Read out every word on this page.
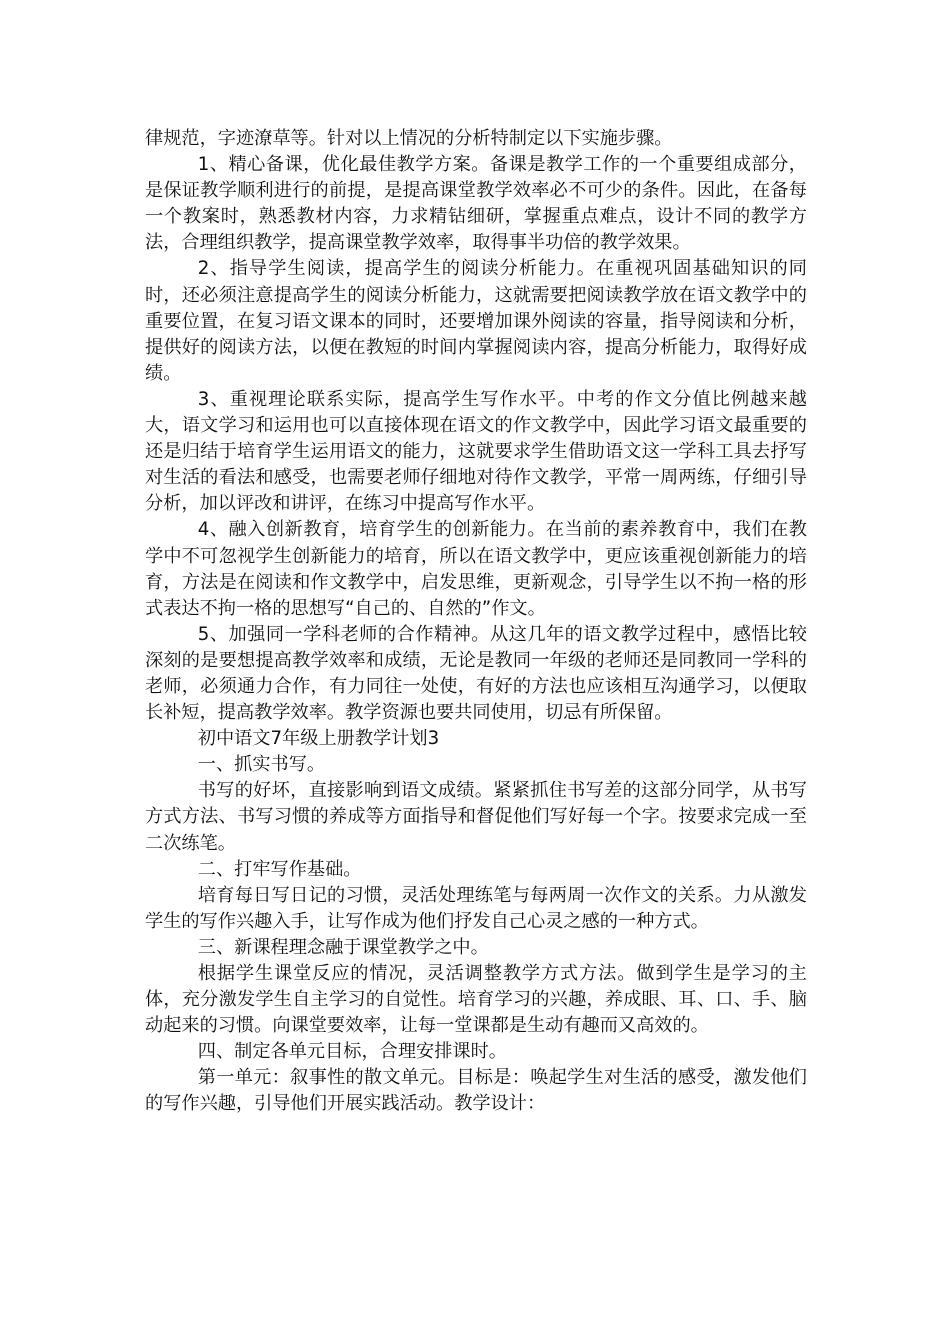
律规范，字迹潦草等。针对以上情况的分析特制定以下实施步骤。

1、精心备课，优化最佳教学方案。备课是教学工作的一个重要组成部分，是保证教学顺利进行的前提，是提高课堂教学效率必不可少的条件。因此，在备每一个教案时，熟悉教材内容，力求精钻细研，掌握重点难点，设计不同的教学方法，合理组织教学，提高课堂教学效率，取得事半功倍的教学效果。

2、指导学生阅读，提高学生的阅读分析能力。在重视巩固基础知识的同时，还必须注意提高学生的阅读分析能力，这就需要把阅读教学放在语文教学中的重要位置，在复习语文课本的同时，还要增加课外阅读的容量，指导阅读和分析，提供好的阅读方法，以便在教短的时间内掌握阅读内容，提高分析能力，取得好成绩。

3、重视理论联系实际，提高学生写作水平。中考的作文分值比例越来越大，语文学习和运用也可以直接体现在语文的作文教学中，因此学习语文最重要的还是归结于培育学生运用语文的能力，这就要求学生借助语文这一学科工具去抒写对生活的看法和感受，也需要老师仔细地对待作文教学，平常一周两练，仔细引导分析，加以评改和讲评，在练习中提高写作水平。

4、融入创新教育，培育学生的创新能力。在当前的素养教育中，我们在教学中不可忽视学生创新能力的培育，所以在语文教学中，更应该重视创新能力的培育，方法是在阅读和作文教学中，启发思维，更新观念，引导学生以不拘一格的形式表达不拘一格的思想写“自己的、自然的”作文。

5、加强同一学科老师的合作精神。从这几年的语文教学过程中，感悟比较深刻的是要想提高教学效率和成绩，无论是教同一年级的老师还是同教同一学科的老师，必须通力合作，有力同往一处使，有好的方法也应该相互沟通学习，以便取长补短，提高教学效率。教学资源也要共同使用，切忌有所保留。

初中语文7年级上册教学计划3

一、抓实书写。

书写的好坏，直接影响到语文成绩。紧紧抓住书写差的这部分同学，从书写方式方法、书写习惯的养成等方面指导和督促他们写好每一个字。按要求完成一至二次练笔。

二、打牢写作基础。

培育每日写日记的习惯，灵活处理练笔与每两周一次作文的关系。力从激发学生的写作兴趣入手，让写作成为他们抒发自己心灵之感的一种方式。

三、新课程理念融于课堂教学之中。

根据学生课堂反应的情况，灵活调整教学方式方法。做到学生是学习的主体，充分激发学生自主学习的自觉性。培育学习的兴趣，养成眼、耳、口、手、脑动起来的习惯。向课堂要效率，让每一堂课都是生动有趣而又高效的。

四、制定各单元目标，合理安排课时。

第一单元：叙事性的散文单元。目标是：唤起学生对生活的感受，激发他们的写作兴趣，引导他们开展实践活动。教学设计：
